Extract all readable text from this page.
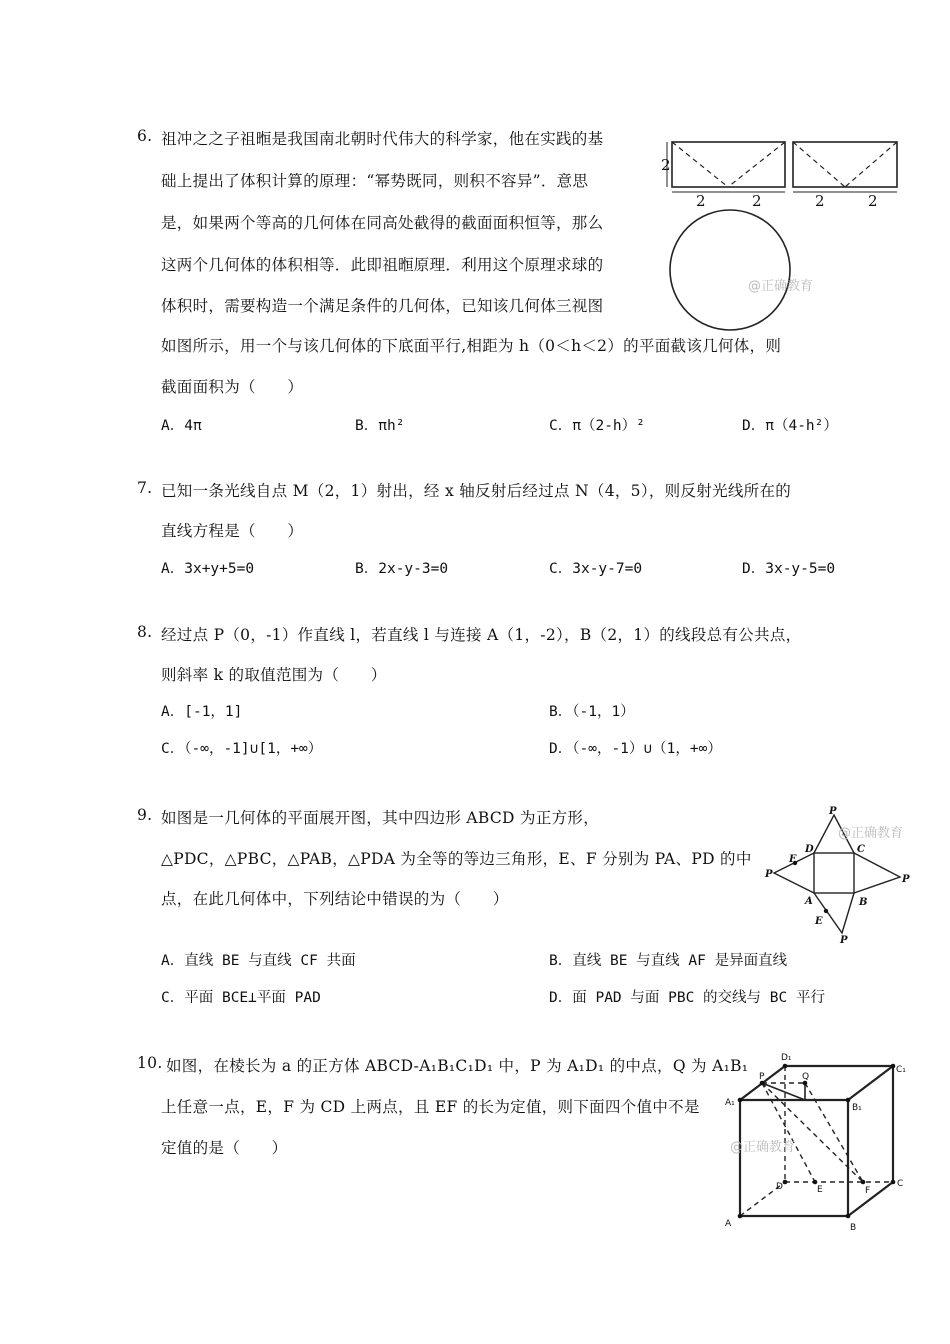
6. 祖冲之之子祖暅是我国南北朝时代伟大的科学家，他在实践的基
础上提出了体积计算的原理：“幂势既同，则积不容异”．意思
是，如果两个等高的几何体在同高处截得的截面面积恒等，那么
这两个几何体的体积相等．此即祖暅原理．利用这个原理求球的
体积时，需要构造一个满足条件的几何体，已知该几何体三视图
如图所示，用一个与该几何体的下底面平行,相距为 h（0＜h＜2）的平面截该几何体，则
截面面积为（　　）
A．4π	B．πh²	C．π（2-h）²	D．π（4-h²）
2
2	2	2	2
@正确教育
7. 已知一条光线自点 M（2，1）射出，经 x 轴反射后经过点 N（4，5），则反射光线所在的
直线方程是（　　）
A．3x+y+5=0	B．2x-y-3=0	C．3x-y-7=0	D．3x-y-5=0
8. 经过点 P（0，-1）作直线 l，若直线 l 与连接 A（1，-2），B（2，1）的线段总有公共点，
则斜率 k 的取值范围为（　　）
A．[-1，1]	B．（-1，1）
C．（-∞，-1]∪[1，+∞）	D．（-∞，-1）∪（1，+∞）
9. 如图是一几何体的平面展开图，其中四边形 ABCD 为正方形，
△PDC，△PBC，△PAB，△PDA 为全等的等边三角形，E、F 分别为 PA、PD 的中
点，在此几何体中，下列结论中错误的为（　　）
A．直线 BE 与直线 CF 共面	B．直线 BE 与直线 AF 是异面直线
C．平面 BCE⊥平面 PAD	D．面 PAD 与面 PBC 的交线与 BC 平行
P
P	P
P
D	C
A	B
E
F
@正确教育
10. 如图，在棱长为 a 的正方体 ABCD-A₁B₁C₁D₁ 中，P 为 A₁D₁ 的中点，Q 为 A₁B₁
上任意一点，E，F 为 CD 上两点，且 EF 的长为定值，则下面四个值中不是
定值的是（　　）
D₁
C₁
A₁
P	Q
B₁
D	E	F
C
A	B
@正确教育
